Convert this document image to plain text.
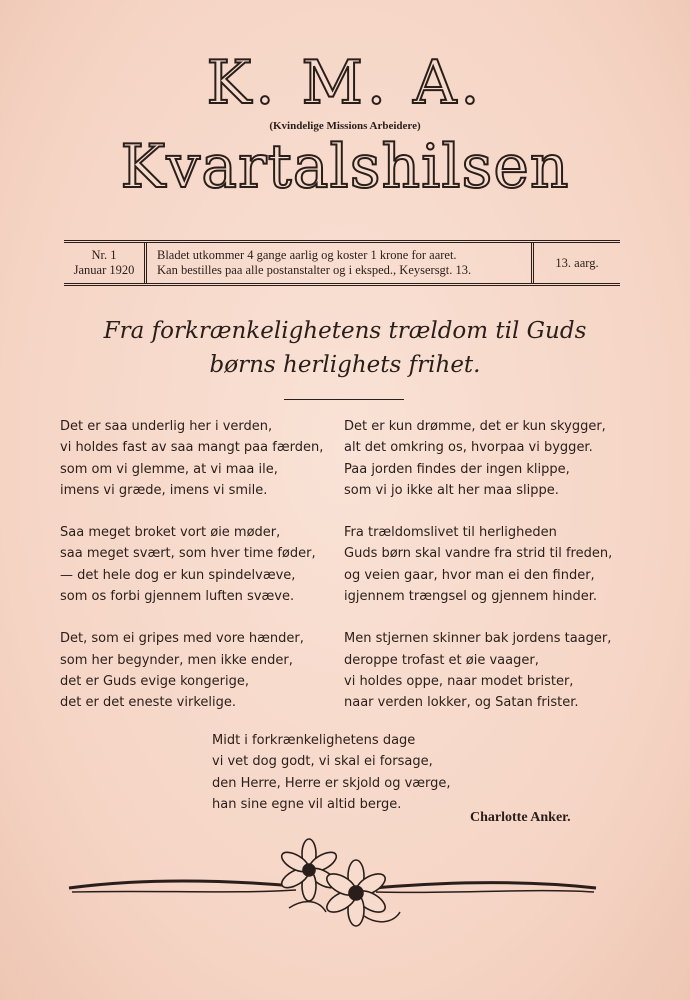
K. M. A.
(Kvindelige Missions Arbeidere)
Kvartalshilsen
Nr. 1
Januar 1920
Bladet utkommer 4 gange aarlig og koster 1 krone for aaret.
Kan bestilles paa alle postanstalter og i eksped., Keysersgt. 13.
13. aarg.
Fra forkrænkelighetens trældom til Guds
børns herlighets frihet.
Det er saa underlig her i verden,
vi holdes fast av saa mangt paa færden,
som om vi glemme, at vi maa ile,
imens vi græde, imens vi smile.
Saa meget broket vort øie møder,
saa meget svært, som hver time føder,
— det hele dog er kun spindelvæve,
som os forbi gjennem luften svæve.
Det, som ei gripes med vore hænder,
som her begynder, men ikke ender,
det er Guds evige kongerige,
det er det eneste virkelige.
Det er kun drømme, det er kun skygger,
alt det omkring os, hvorpaa vi bygger.
Paa jorden findes der ingen klippe,
som vi jo ikke alt her maa slippe.
Fra trældomslivet til herligheden
Guds børn skal vandre fra strid til freden,
og veien gaar, hvor man ei den finder,
igjennem trængsel og gjennem hinder.
Men stjernen skinner bak jordens taager,
deroppe trofast et øie vaager,
vi holdes oppe, naar modet brister,
naar verden lokker, og Satan frister.
Midt i forkrænkelighetens dage
vi vet dog godt, vi skal ei forsage,
den Herre, Herre er skjold og værge,
han sine egne vil altid berge.
Charlotte Anker.
